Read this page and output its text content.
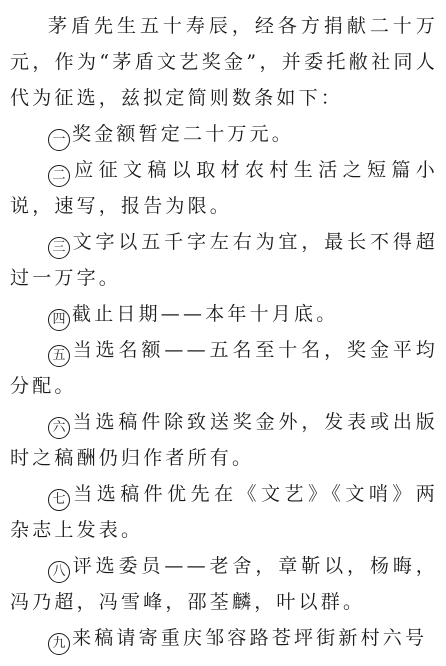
茅盾先生五十寿辰，经各方捐献二十万元，作为“茅盾文艺奖金”，并委托敝社同人代为征选，兹拟定简则数条如下：

一 奖金额暂定二十万元。

二 应征文稿以取材农村生活之短篇小说，速写，报告为限。

三 文字以五千字左右为宜，最长不得超过一万字。

四 截止日期——本年十月底。

五 当选名额——五名至十名，奖金平均分配。

六 当选稿件除致送奖金外，发表或出版时之稿酬仍归作者所有。

七 当选稿件优先在《文艺》《文哨》两杂志上发表。

八 评选委员——老舍，章靳以，杨晦，冯乃超，冯雪峰，邵荃麟，叶以群。

九 来稿请寄重庆邹容路苍坪街新村六号
